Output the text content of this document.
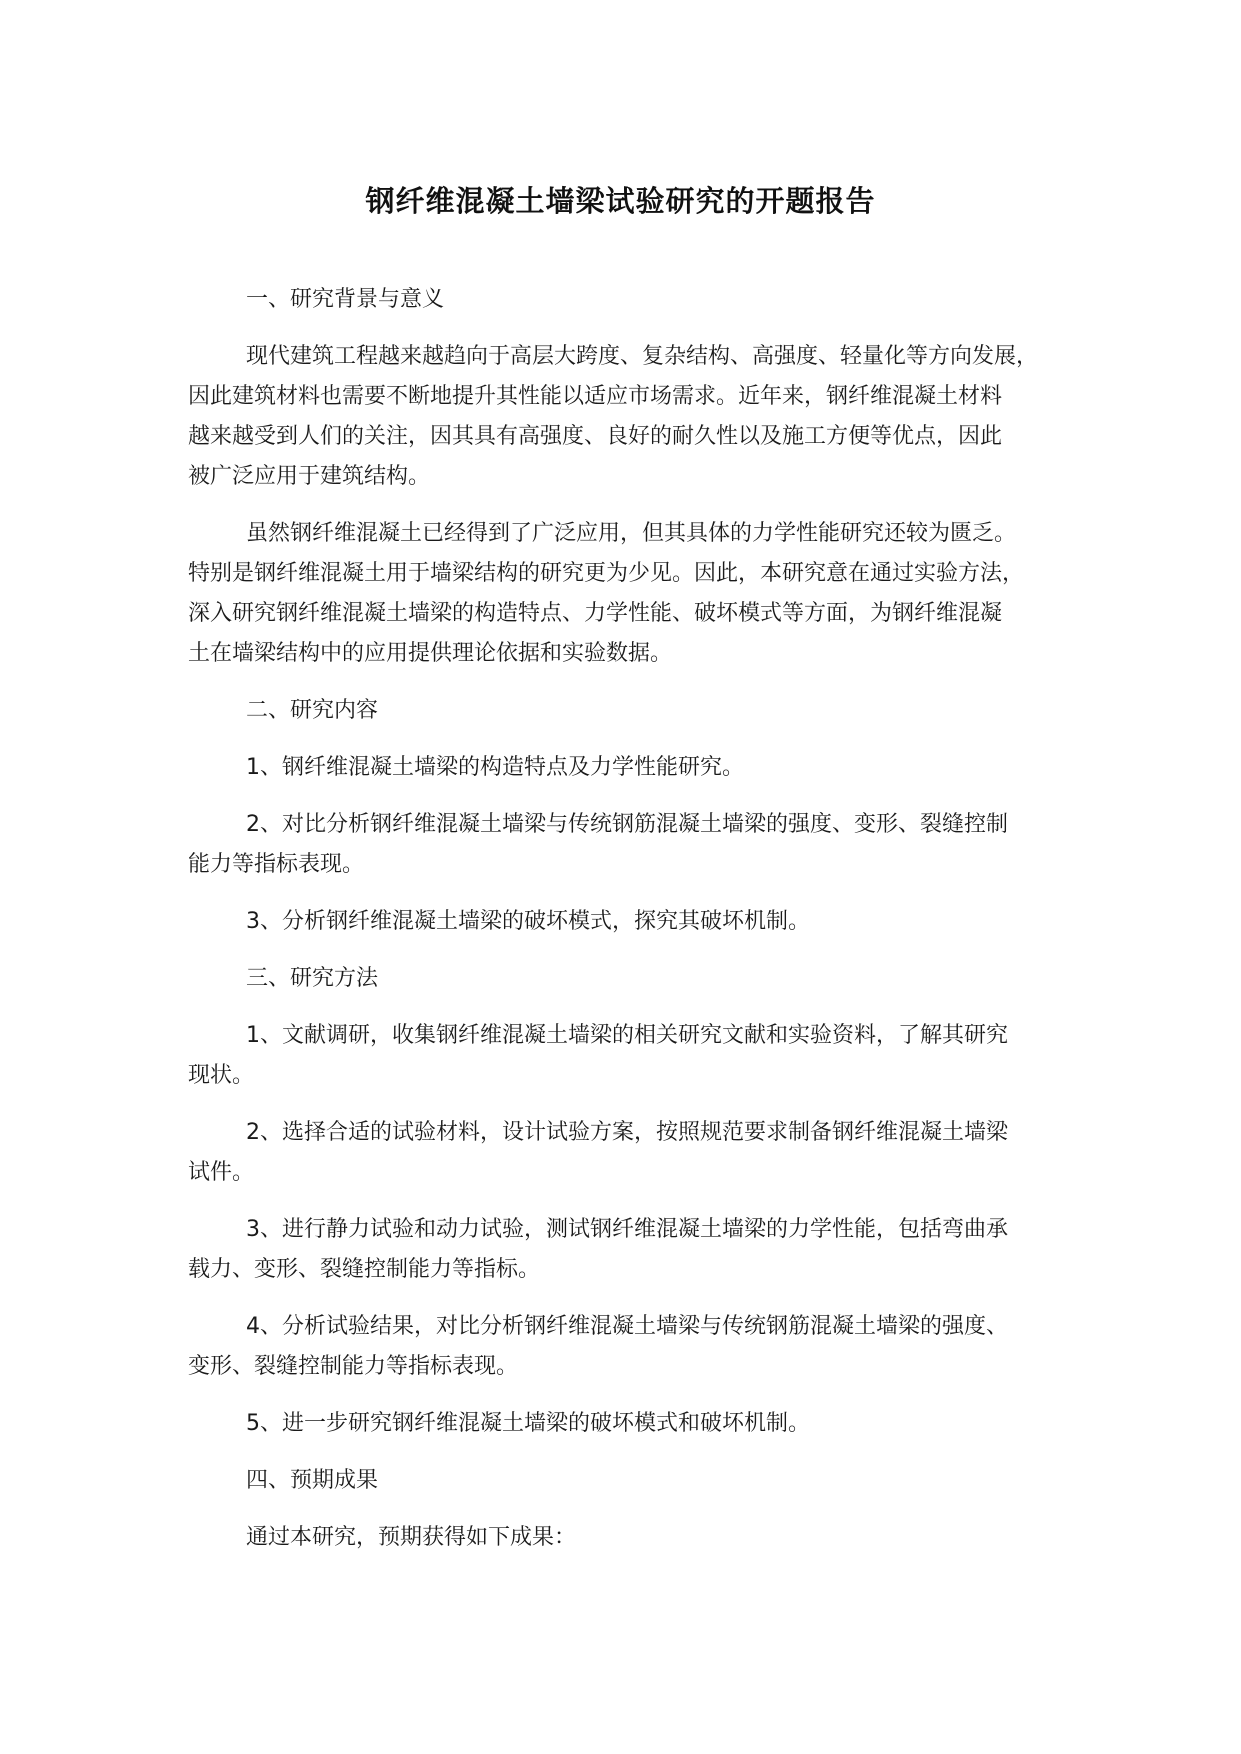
钢纤维混凝土墙梁试验研究的开题报告
一、研究背景与意义
现代建筑工程越来越趋向于高层大跨度、复杂结构、高强度、轻量化等方向发展，
因此建筑材料也需要不断地提升其性能以适应市场需求。近年来，钢纤维混凝土材料
越来越受到人们的关注，因其具有高强度、良好的耐久性以及施工方便等优点，因此
被广泛应用于建筑结构。
虽然钢纤维混凝土已经得到了广泛应用，但其具体的力学性能研究还较为匮乏。
特别是钢纤维混凝土用于墙梁结构的研究更为少见。因此，本研究意在通过实验方法，
深入研究钢纤维混凝土墙梁的构造特点、力学性能、破坏模式等方面，为钢纤维混凝
土在墙梁结构中的应用提供理论依据和实验数据。
二、研究内容
1、钢纤维混凝土墙梁的构造特点及力学性能研究。
2、对比分析钢纤维混凝土墙梁与传统钢筋混凝土墙梁的强度、变形、裂缝控制
能力等指标表现。
3、分析钢纤维混凝土墙梁的破坏模式，探究其破坏机制。
三、研究方法
1、文献调研，收集钢纤维混凝土墙梁的相关研究文献和实验资料，了解其研究
现状。
2、选择合适的试验材料，设计试验方案，按照规范要求制备钢纤维混凝土墙梁
试件。
3、进行静力试验和动力试验，测试钢纤维混凝土墙梁的力学性能，包括弯曲承
载力、变形、裂缝控制能力等指标。
4、分析试验结果，对比分析钢纤维混凝土墙梁与传统钢筋混凝土墙梁的强度、
变形、裂缝控制能力等指标表现。
5、进一步研究钢纤维混凝土墙梁的破坏模式和破坏机制。
四、预期成果
通过本研究，预期获得如下成果：
